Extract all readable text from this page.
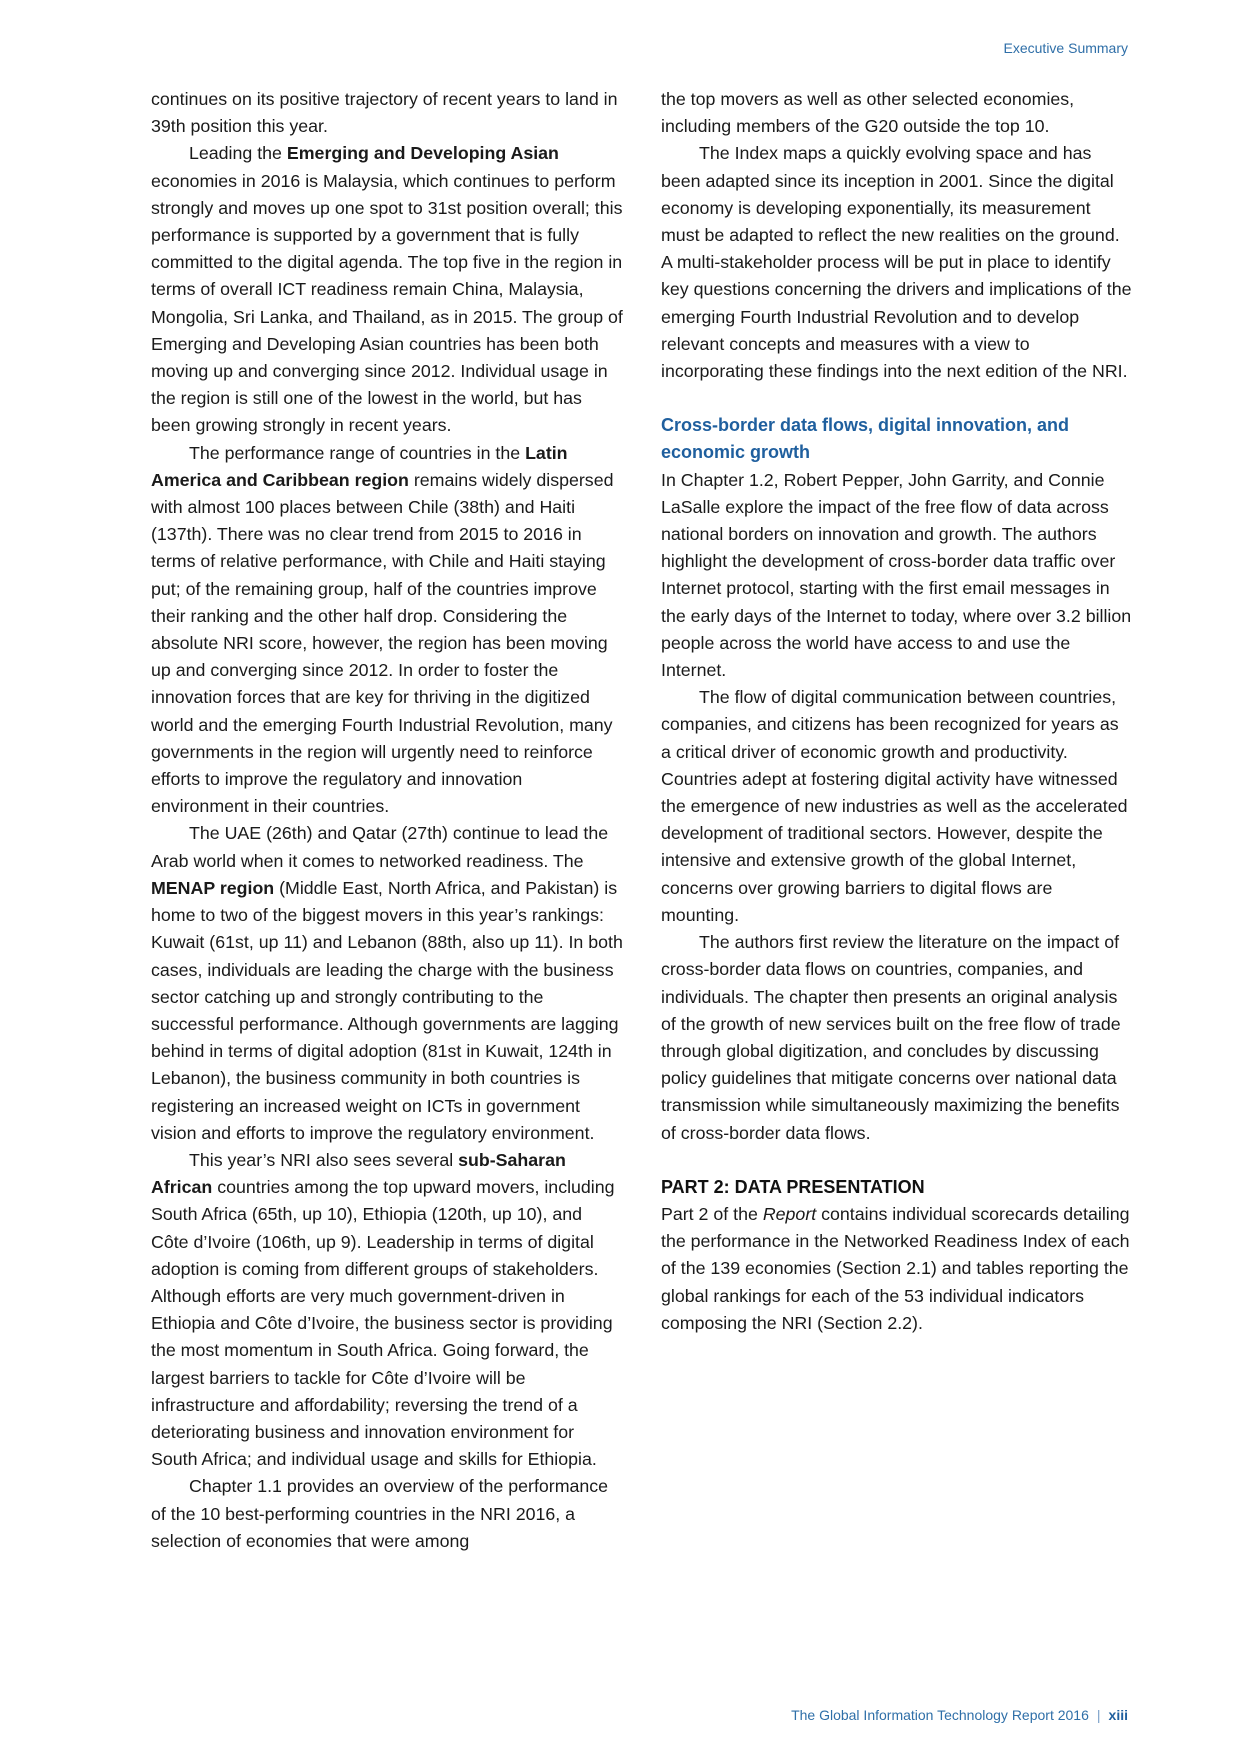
Executive Summary

continues on its positive trajectory of recent years to land in 39th position this year.

Leading the Emerging and Developing Asian economies in 2016 is Malaysia, which continues to perform strongly and moves up one spot to 31st position overall; this performance is supported by a government that is fully committed to the digital agenda. The top five in the region in terms of overall ICT readiness remain China, Malaysia, Mongolia, Sri Lanka, and Thailand, as in 2015. The group of Emerging and Developing Asian countries has been both moving up and converging since 2012. Individual usage in the region is still one of the lowest in the world, but has been growing strongly in recent years.

The performance range of countries in the Latin America and Caribbean region remains widely dispersed with almost 100 places between Chile (38th) and Haiti (137th). There was no clear trend from 2015 to 2016 in terms of relative performance, with Chile and Haiti staying put; of the remaining group, half of the countries improve their ranking and the other half drop. Considering the absolute NRI score, however, the region has been moving up and converging since 2012. In order to foster the innovation forces that are key for thriving in the digitized world and the emerging Fourth Industrial Revolution, many governments in the region will urgently need to reinforce efforts to improve the regulatory and innovation environment in their countries.

The UAE (26th) and Qatar (27th) continue to lead the Arab world when it comes to networked readiness. The MENAP region (Middle East, North Africa, and Pakistan) is home to two of the biggest movers in this year’s rankings: Kuwait (61st, up 11) and Lebanon (88th, also up 11). In both cases, individuals are leading the charge with the business sector catching up and strongly contributing to the successful performance. Although governments are lagging behind in terms of digital adoption (81st in Kuwait, 124th in Lebanon), the business community in both countries is registering an increased weight on ICTs in government vision and efforts to improve the regulatory environment.

This year’s NRI also sees several sub-Saharan African countries among the top upward movers, including South Africa (65th, up 10), Ethiopia (120th, up 10), and Côte d’Ivoire (106th, up 9). Leadership in terms of digital adoption is coming from different groups of stakeholders. Although efforts are very much government-driven in Ethiopia and Côte d’Ivoire, the business sector is providing the most momentum in South Africa. Going forward, the largest barriers to tackle for Côte d’Ivoire will be infrastructure and affordability; reversing the trend of a deteriorating business and innovation environment for South Africa; and individual usage and skills for Ethiopia.

Chapter 1.1 provides an overview of the performance of the 10 best-performing countries in the NRI 2016, a selection of economies that were among

the top movers as well as other selected economies, including members of the G20 outside the top 10.

The Index maps a quickly evolving space and has been adapted since its inception in 2001. Since the digital economy is developing exponentially, its measurement must be adapted to reflect the new realities on the ground. A multi-stakeholder process will be put in place to identify key questions concerning the drivers and implications of the emerging Fourth Industrial Revolution and to develop relevant concepts and measures with a view to incorporating these findings into the next edition of the NRI.

Cross-border data flows, digital innovation, and economic growth

In Chapter 1.2, Robert Pepper, John Garrity, and Connie LaSalle explore the impact of the free flow of data across national borders on innovation and growth. The authors highlight the development of cross-border data traffic over Internet protocol, starting with the first email messages in the early days of the Internet to today, where over 3.2 billion people across the world have access to and use the Internet.

The flow of digital communication between countries, companies, and citizens has been recognized for years as a critical driver of economic growth and productivity. Countries adept at fostering digital activity have witnessed the emergence of new industries as well as the accelerated development of traditional sectors. However, despite the intensive and extensive growth of the global Internet, concerns over growing barriers to digital flows are mounting.

The authors first review the literature on the impact of cross-border data flows on countries, companies, and individuals. The chapter then presents an original analysis of the growth of new services built on the free flow of trade through global digitization, and concludes by discussing policy guidelines that mitigate concerns over national data transmission while simultaneously maximizing the benefits of cross-border data flows.

PART 2: DATA PRESENTATION

Part 2 of the Report contains individual scorecards detailing the performance in the Networked Readiness Index of each of the 139 economies (Section 2.1) and tables reporting the global rankings for each of the 53 individual indicators composing the NRI (Section 2.2).

The Global Information Technology Report 2016 | xiii
